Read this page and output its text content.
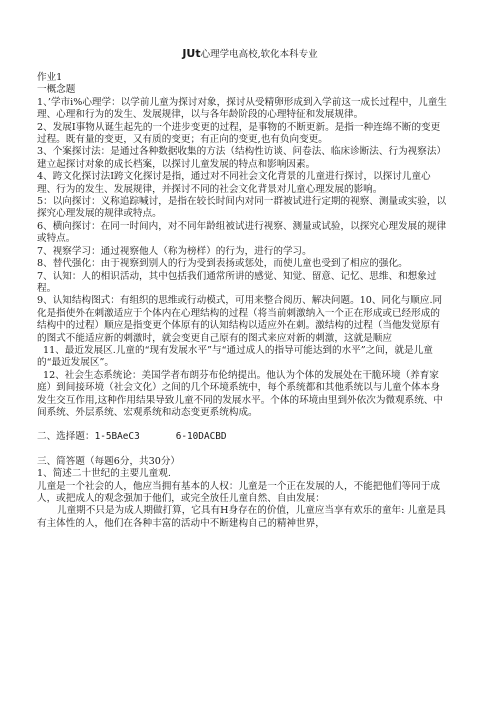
JUt心理学电高校,软化本科专业

作业1

一概念题

1、’学市i%心理学：以学前儿童为探讨对象，探讨从受精卵形成到入学前这一成长过程中，儿童生理、心理和行为的发生、发展规律，以与各年龄阶段的心理特征和发展规律。

2、发展I事物从诞生起先的一个进步变更的过程，是事物的不断更新。是指一种连绵不断的变更过程。既有量的变更，又有质的变更；有正向的变更,也有负向变更。

3、个案探讨法：是通过各种数据收集的方法（结构性访谈、问卷法、临床诊断法、行为视察法）建立起探讨对象的成长档案，以探讨儿童发展的特点和影响因素。

4、跨文化探讨法I跨文化探讨是指，通过对不同社会文化背景的儿童进行探讨，以探讨儿童心理、行为的发生、发展规律，并探讨不同的社会文化背景对儿童心理发展的影响。

5：以向探讨：义称追踪喊讨，是指在较长时间内对同一群被试进行定期的视察、测量或实验，以探究心理发展的规律或特点。

6、横向探讨：在同一时间内，对不同年龄组被试进行视察、测量或试验，以探究心理发展的规律或特点。

7、视察学习：通过视察他人（称为榜样）的行为，进行的学习。

8、替代强化：由于视察到别人的行为受到表扬或惩处，而使儿童也受到了相应的强化。

7、认知：人的相识活动，其中包括我们通常所讲的感觉、知觉、留意、记忆、思维、和想象过程。

9、认知结构图式：有组织的思维或行动模式，可用来整合阅历、解决问题。10、同化与顺应.同化是指使外在刺激适应于个体内在心理结构的过程（将当前刺激纳入一个正在形成或已经形成的结构中的过程）顺应是指变更个体原有的认知结构以适应外在刺。激结构的过程（当他发觉原有的图式不能适应新的刺激时，就会变更自己原有的图式来应对新的刺激，这就是顺应

11、最近发展区.儿童的“现有发展水平”与“通过成人的指导可能达到的水平”之间，就是儿童的“最近发展区”。

12、社会生态系统论：美国学者布朗芬布伦纳提出。他认为个体的发展处在干脆环境（养育家庭）到间接环境（社会文化）之间的几个环境系统中，每个系统都和其他系统以与儿童个体本身发生交互作用,这种作用结果导致儿童不同的发展水平。个体的环境由里到外依次为微观系统、中间系统、外层系统、宏观系统和动态变更系统构成。

二、选择题：1-5BAeC3	6-10DACBD

三、简答题（每题6分，共30分）

1、简述二十世纪的主要儿童观.

儿童是一个社会的人，他应当拥有基本的人权：儿童是一个正在发展的人，不能把他们等同于成人，或把成人的观念强加于他们，或完全放任儿童自然、自由发展：

儿童期不只是为成人期做打算，它具有H身存在的价值，儿童应当享有欢乐的童年: 儿童是具有主体性的人，他们在各种丰富的活动中不断建构自己的精神世界，
